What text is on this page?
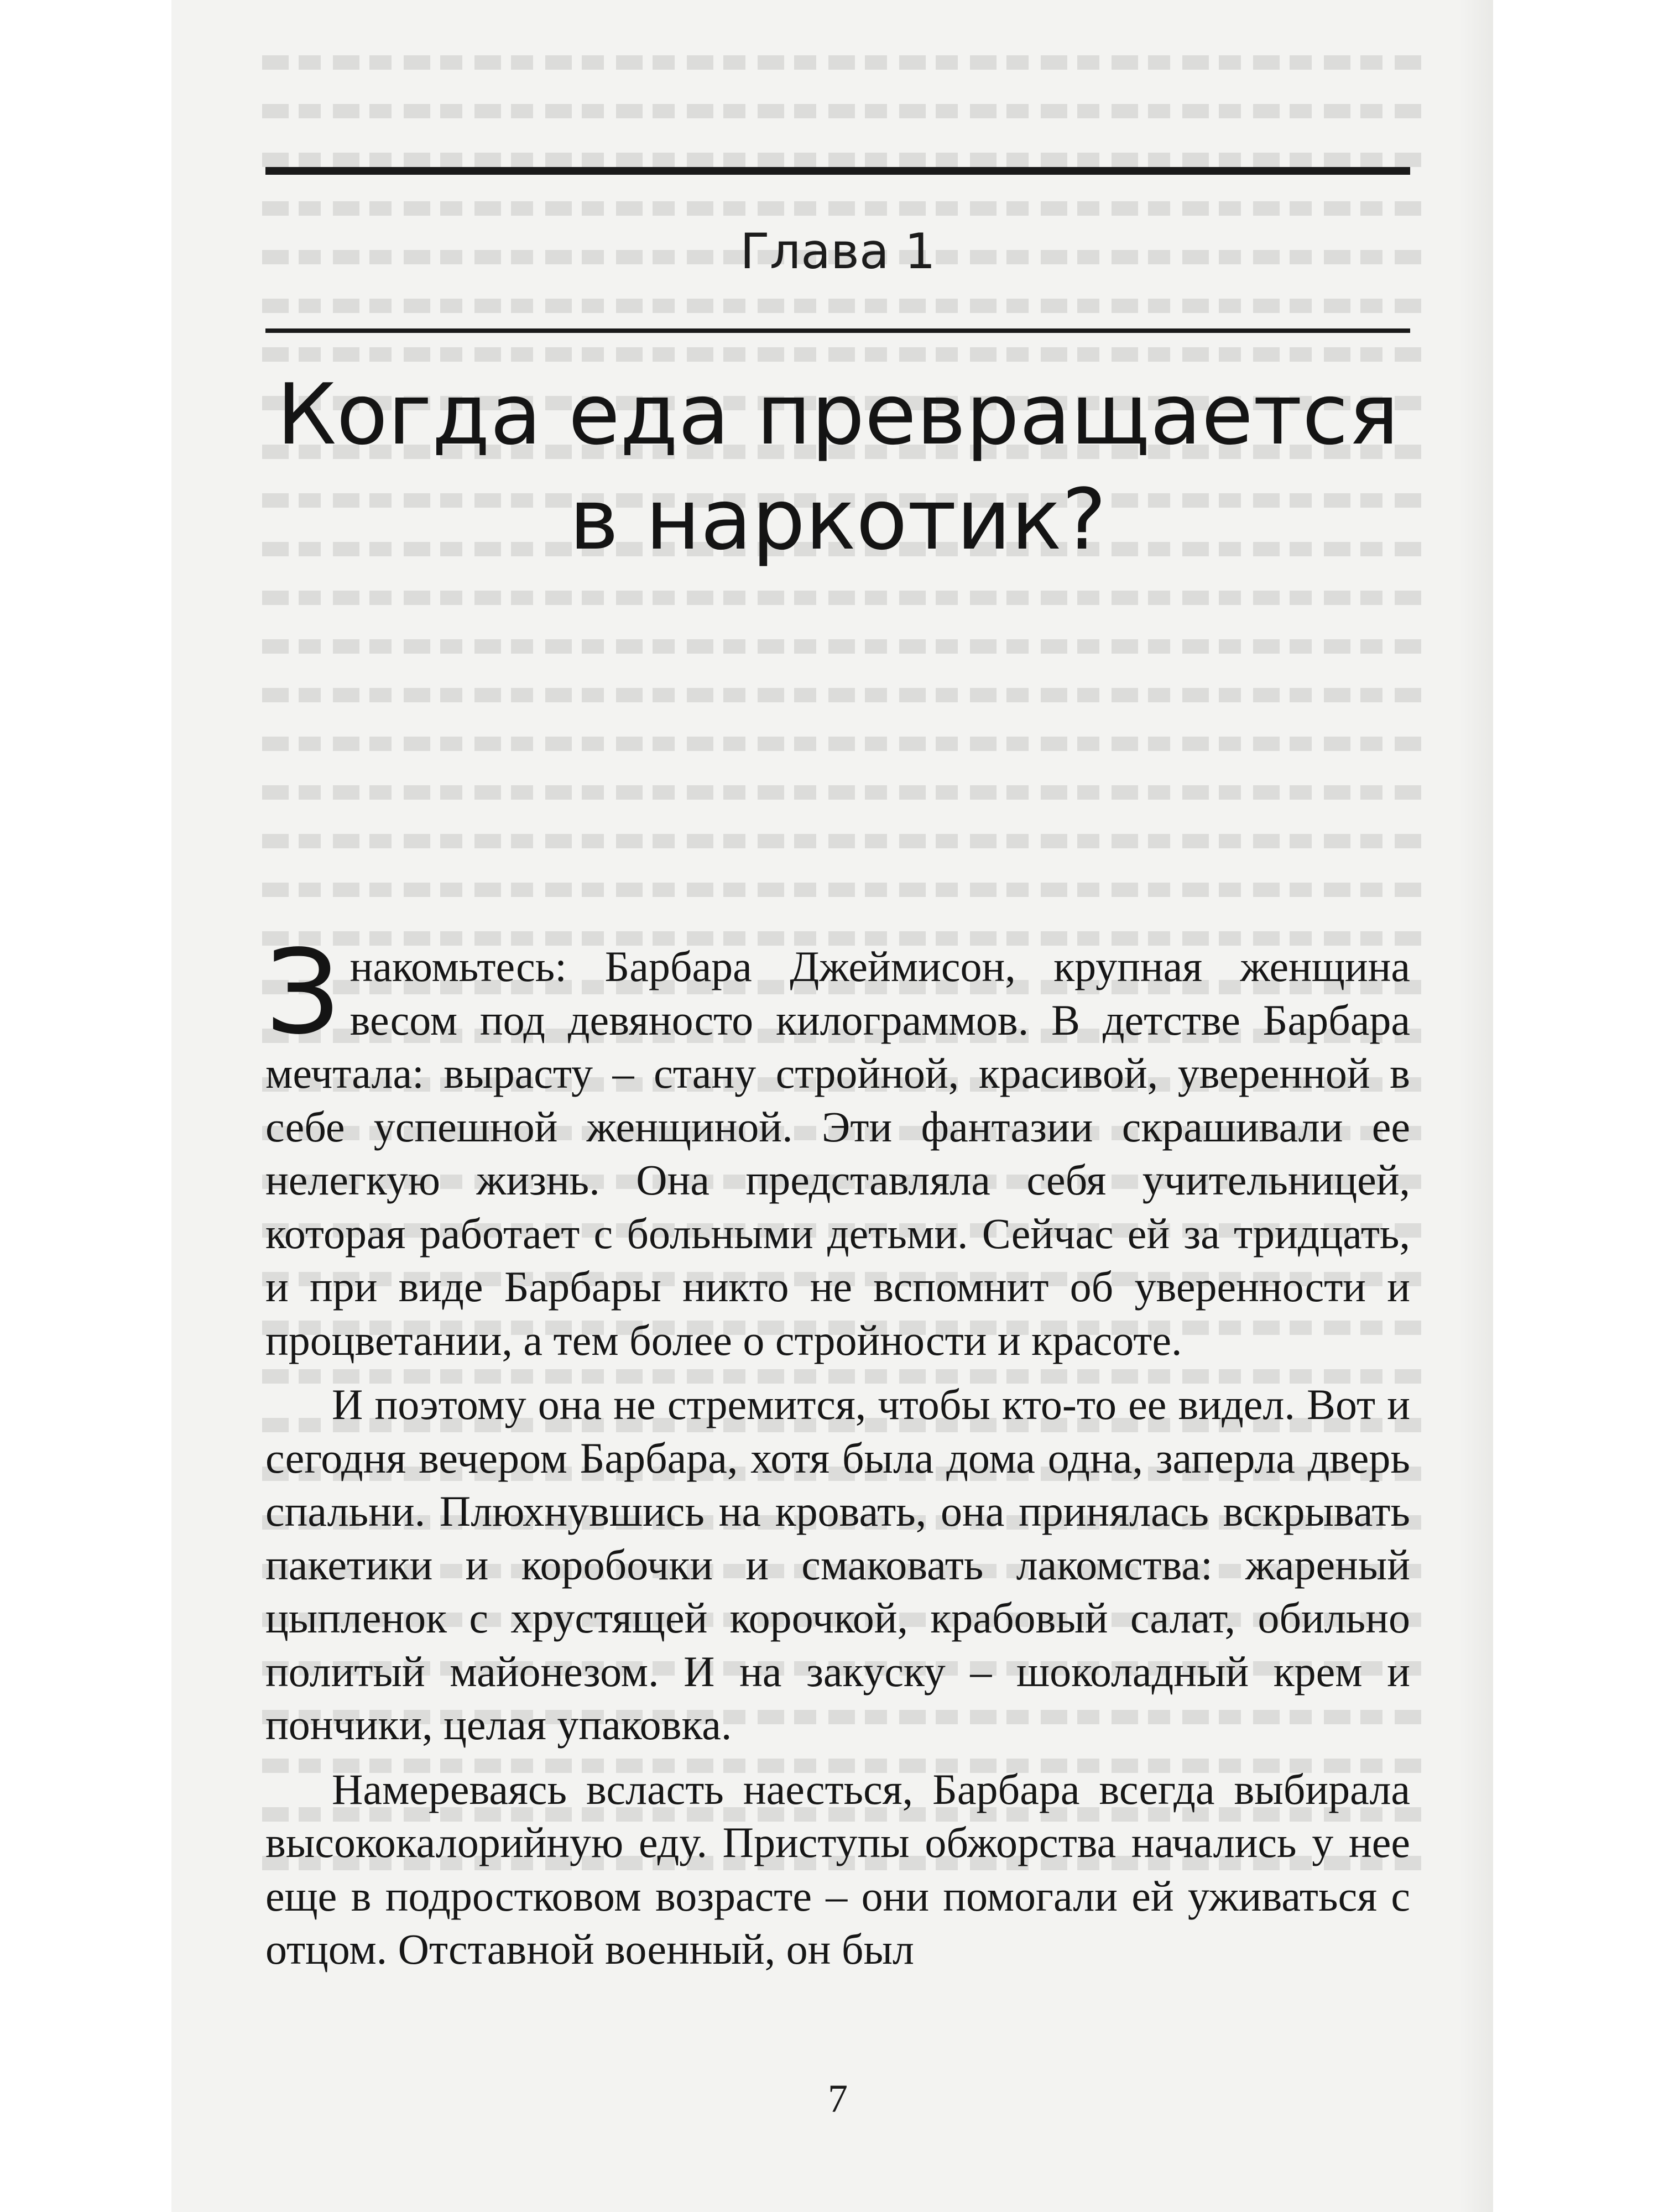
Глава 1

Когда еда превращается
в наркотик?

Знакомьтесь: Барбара Джеймисон, крупная женщина весом под девяносто килограммов. В детстве Барбара мечтала: вырасту – стану стройной, красивой, уверенной в себе успешной женщиной. Эти фантазии скрашивали ее нелегкую жизнь. Она представляла себя учительницей, которая работает с больными детьми. Сейчас ей за тридцать, и при виде Барбары никто не вспомнит об уверенности и процветании, а тем более о стройности и красоте.

И поэтому она не стремится, чтобы кто-то ее видел. Вот и сегодня вечером Барбара, хотя была дома одна, заперла дверь спальни. Плюхнувшись на кровать, она принялась вскрывать пакетики и коробочки и смаковать лакомства: жареный цыпленок с хрустящей корочкой, крабовый салат, обильно политый майонезом. И на закуску – шоколадный крем и пончики, целая упаковка.

Намереваясь всласть наесться, Барбара всегда выбирала высококалорийную еду. Приступы обжорства начались у нее еще в подростковом возрасте – они помогали ей уживаться с отцом. Отставной военный, он был

7
